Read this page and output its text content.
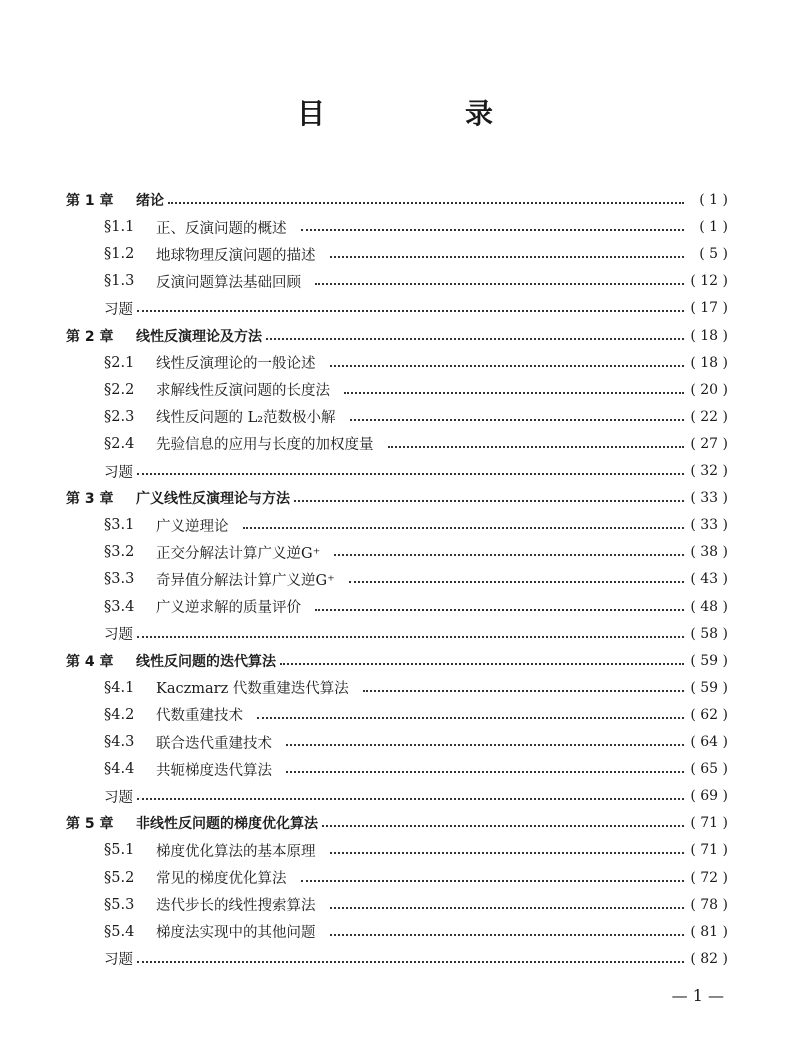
目　录
第 1 章	绪论	( 1 )
§1.1	正、反演问题的概述	( 1 )
§1.2	地球物理反演问题的描述	( 5 )
§1.3	反演问题算法基础回顾	( 12 )
习题	( 17 )
第 2 章	线性反演理论及方法	( 18 )
§2.1	线性反演理论的一般论述	( 18 )
§2.2	求解线性反演问题的长度法	( 20 )
§2.3	线性反问题的 L₂范数极小解	( 22 )
§2.4	先验信息的应用与长度的加权度量	( 27 )
习题	( 32 )
第 3 章	广义线性反演理论与方法	( 33 )
§3.1	广义逆理论	( 33 )
§3.2	正交分解法计算广义逆G⁺	( 38 )
§3.3	奇异值分解法计算广义逆G⁺	( 43 )
§3.4	广义逆求解的质量评价	( 48 )
习题	( 58 )
第 4 章	线性反问题的迭代算法	( 59 )
§4.1	Kaczmarz 代数重建迭代算法	( 59 )
§4.2	代数重建技术	( 62 )
§4.3	联合迭代重建技术	( 64 )
§4.4	共轭梯度迭代算法	( 65 )
习题	( 69 )
第 5 章	非线性反问题的梯度优化算法	( 71 )
§5.1	梯度优化算法的基本原理	( 71 )
§5.2	常见的梯度优化算法	( 72 )
§5.3	迭代步长的线性搜索算法	( 78 )
§5.4	梯度法实现中的其他问题	( 81 )
习题	( 82 )
— 1 —
